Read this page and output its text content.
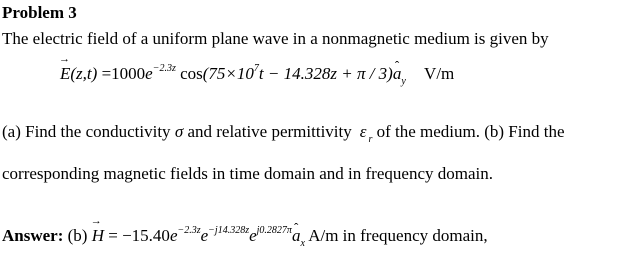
Problem 3
The electric field of a uniform plane wave in a nonmagnetic medium is given by
→ $E(z,t) =1000e^{-2.3z}$ $\cos(75\times 10^7t - 14.328z + \pi$ / 3)ˆ $a_y$ V/m
(a) Find the conductivity σ and relative permittivity ε $_r$ of the medium. (b) Find the
corresponding magnetic fields in time domain and in frequency domain.
Answer: $(b) \to H = -15.40e^{-2.3z}e^{-j14.328z}e^{j0.2827\pi}ˆ$ $a_x$ A/m in frequency domain,
